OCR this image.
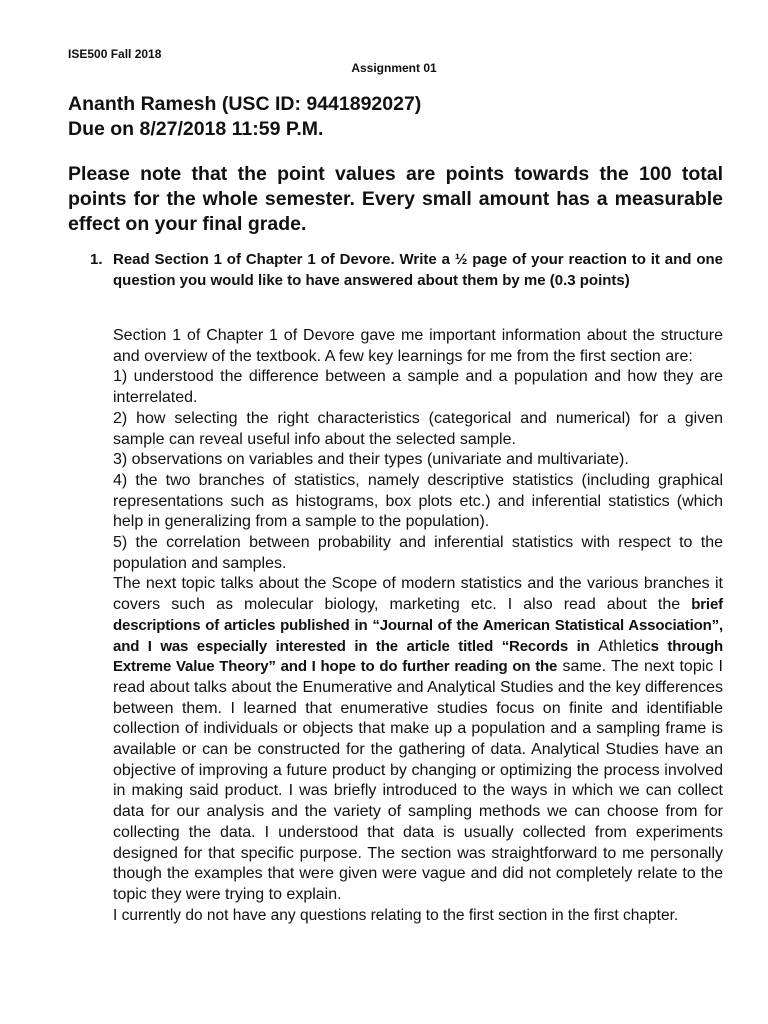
ISE500 Fall 2018
Assignment 01
Ananth Ramesh (USC ID: 9441892027)
Due on 8/27/2018 11:59 P.M.
Please note that the point values are points towards the 100 total points for the whole semester. Every small amount has a measurable effect on your final grade.
1. Read Section 1 of Chapter 1 of Devore. Write a ½ page of your reaction to it and one question you would like to have answered about them by me (0.3 points)

Section 1 of Chapter 1 of Devore gave me important information about the structure and overview of the textbook. A few key learnings for me from the first section are:

1) understood the difference between a sample and a population and how they are interrelated.

2) how selecting the right characteristics (categorical and numerical) for a given sample can reveal useful info about the selected sample.

3) observations on variables and their types (univariate and multivariate).

4) the two branches of statistics, namely descriptive statistics (including graphical representations such as histograms, box plots etc.) and inferential statistics (which help in generalizing from a sample to the population).

5) the correlation between probability and inferential statistics with respect to the population and samples.

The next topic talks about the Scope of modern statistics and the various branches it covers such as molecular biology, marketing etc. I also read about the brief descriptions of articles published in “Journal of the American Statistical Association”, and I was especially interested in the article titled “Records in Athletics through Extreme Value Theory” and I hope to do further reading on the same. The next topic I read about talks about the Enumerative and Analytical Studies and the key differences between them. I learned that enumerative studies focus on finite and identifiable collection of individuals or objects that make up a population and a sampling frame is available or can be constructed for the gathering of data. Analytical Studies have an objective of improving a future product by changing or optimizing the process involved in making said product. I was briefly introduced to the ways in which we can collect data for our analysis and the variety of sampling methods we can choose from for collecting the data. I understood that data is usually collected from experiments designed for that specific purpose. The section was straightforward to me personally though the examples that were given were vague and did not completely relate to the topic they were trying to explain.

I currently do not have any questions relating to the first section in the first chapter.
